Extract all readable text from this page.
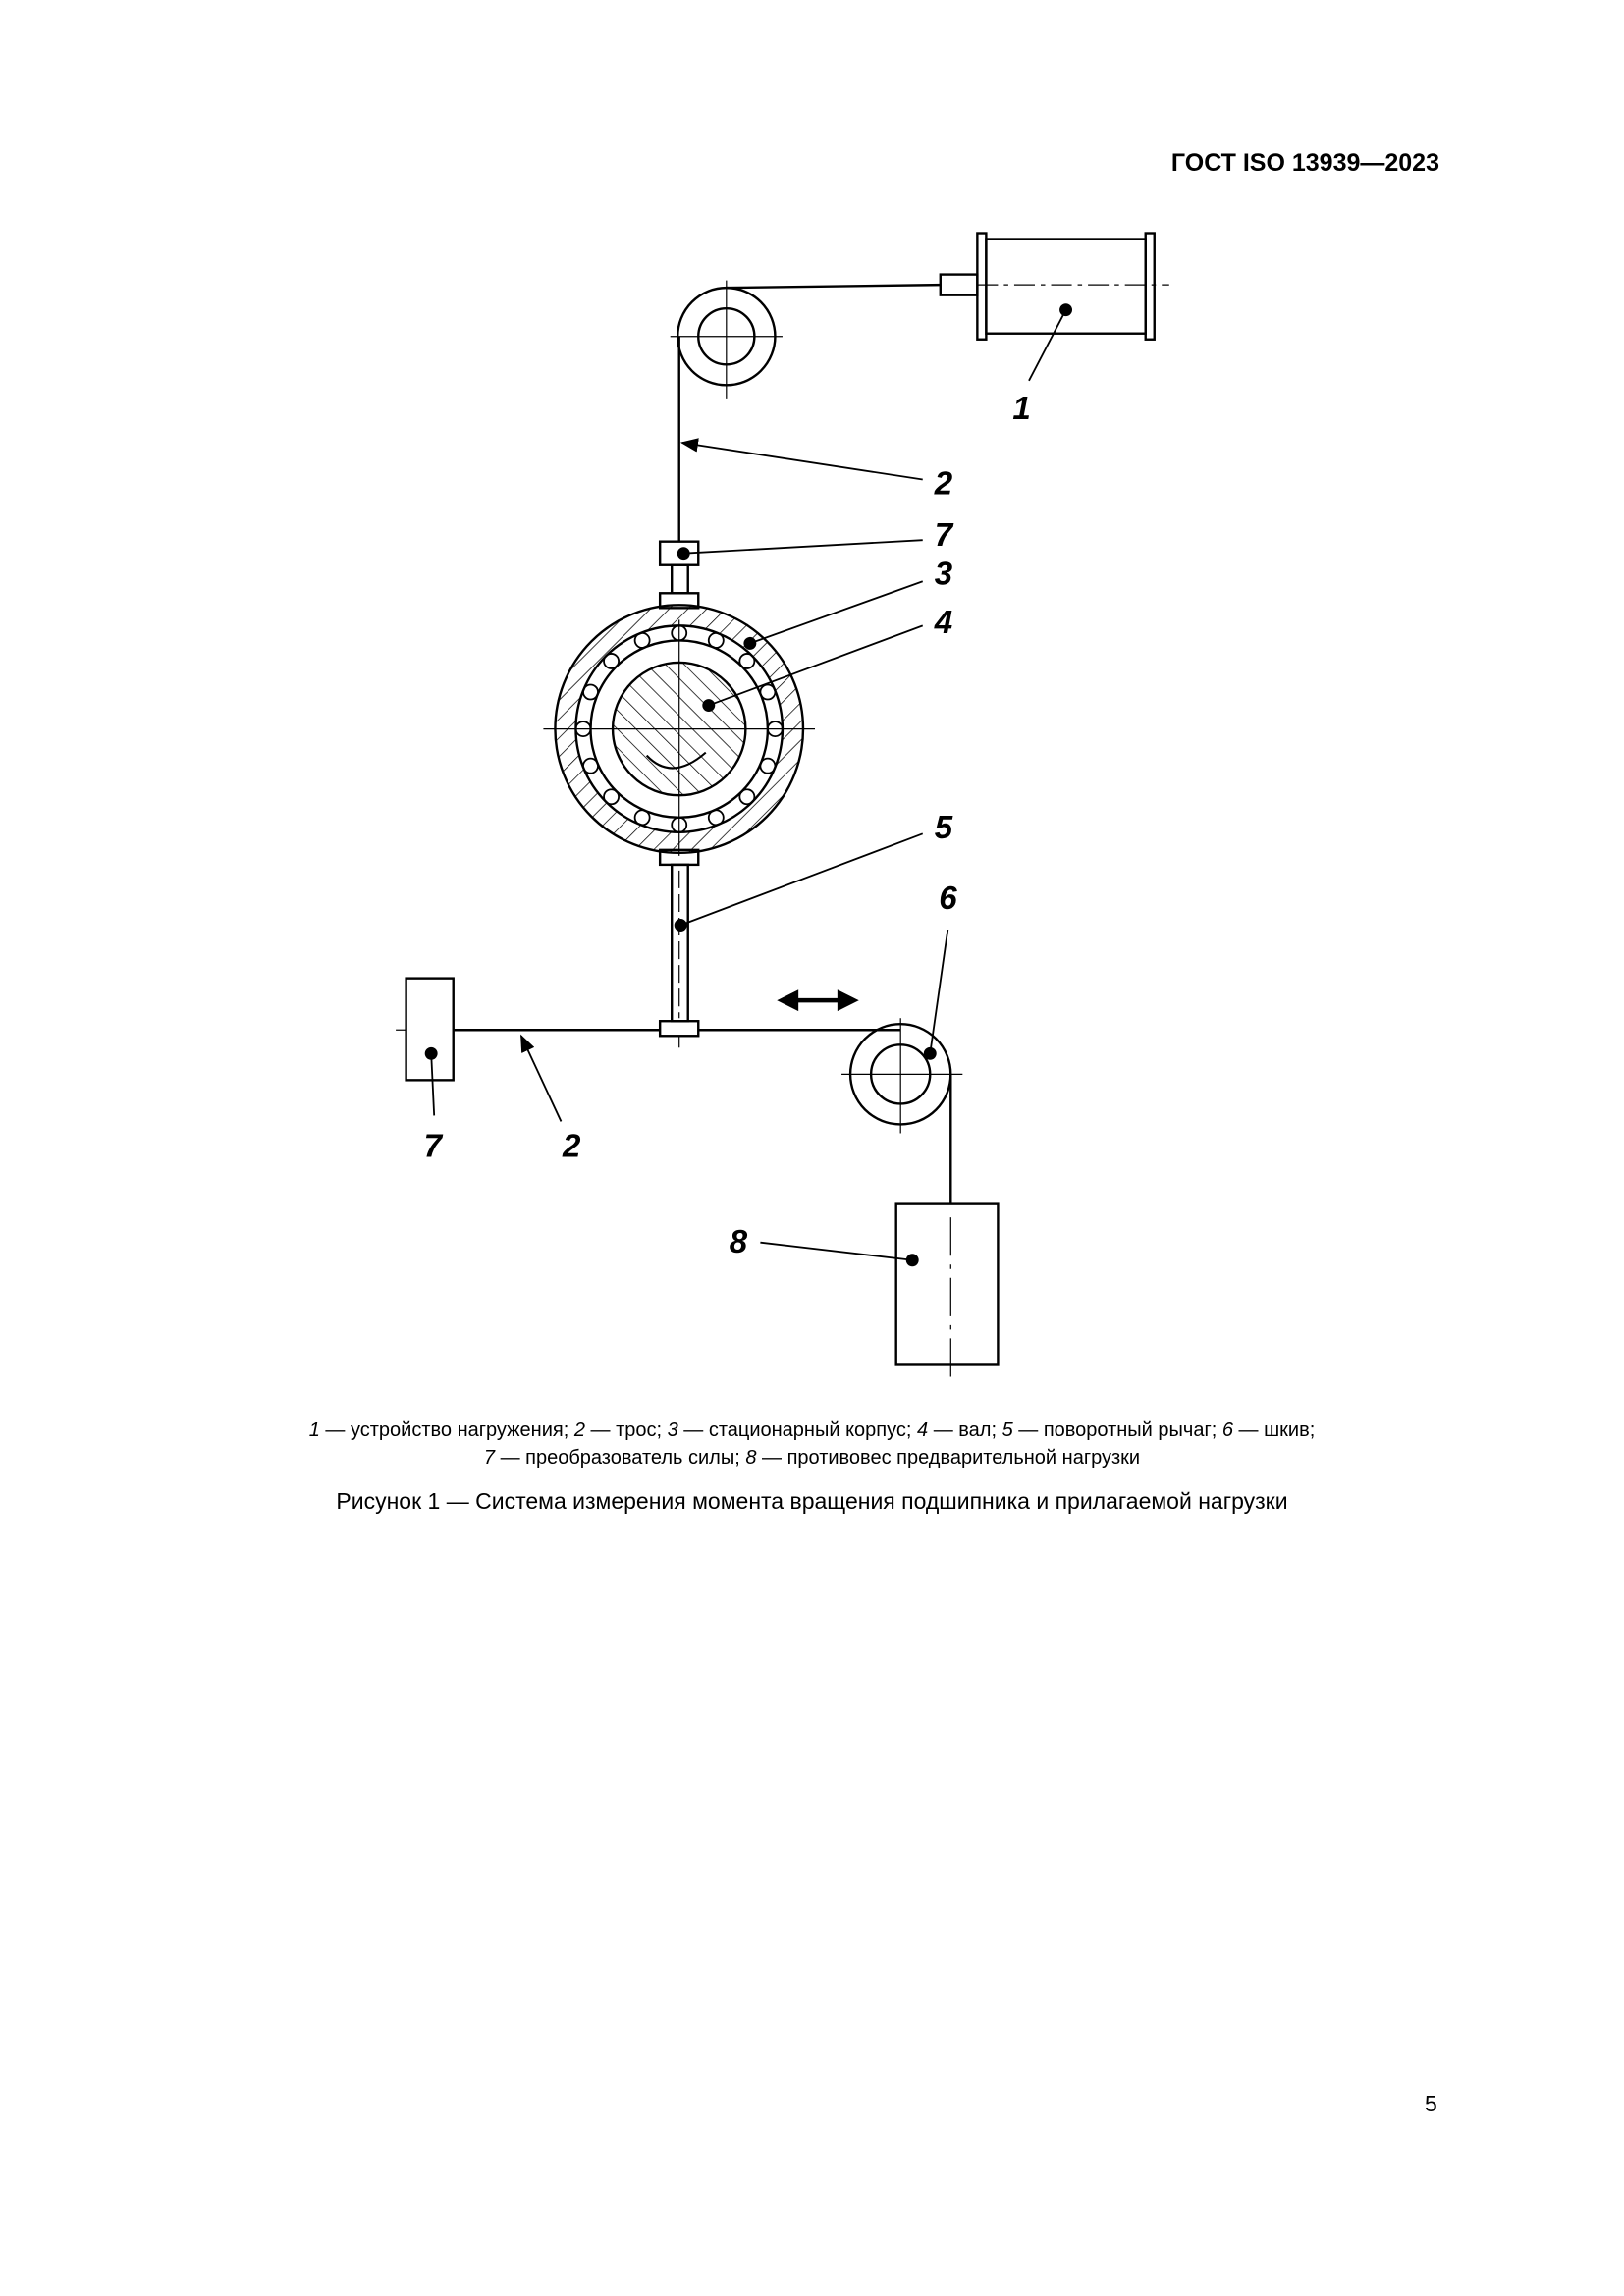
ГОСТ ISO 13939—2023
1
2
7
3
4
5
6
7	2
8
1 — устройство нагружения; 2 — трос; 3 — стационарный корпус; 4 — вал; 5 — поворотный рычаг; 6 — шкив;
7 — преобразователь силы; 8 — противовес предварительной нагрузки
Рисунок 1 — Система измерения момента вращения подшипника и прилагаемой нагрузки
5
